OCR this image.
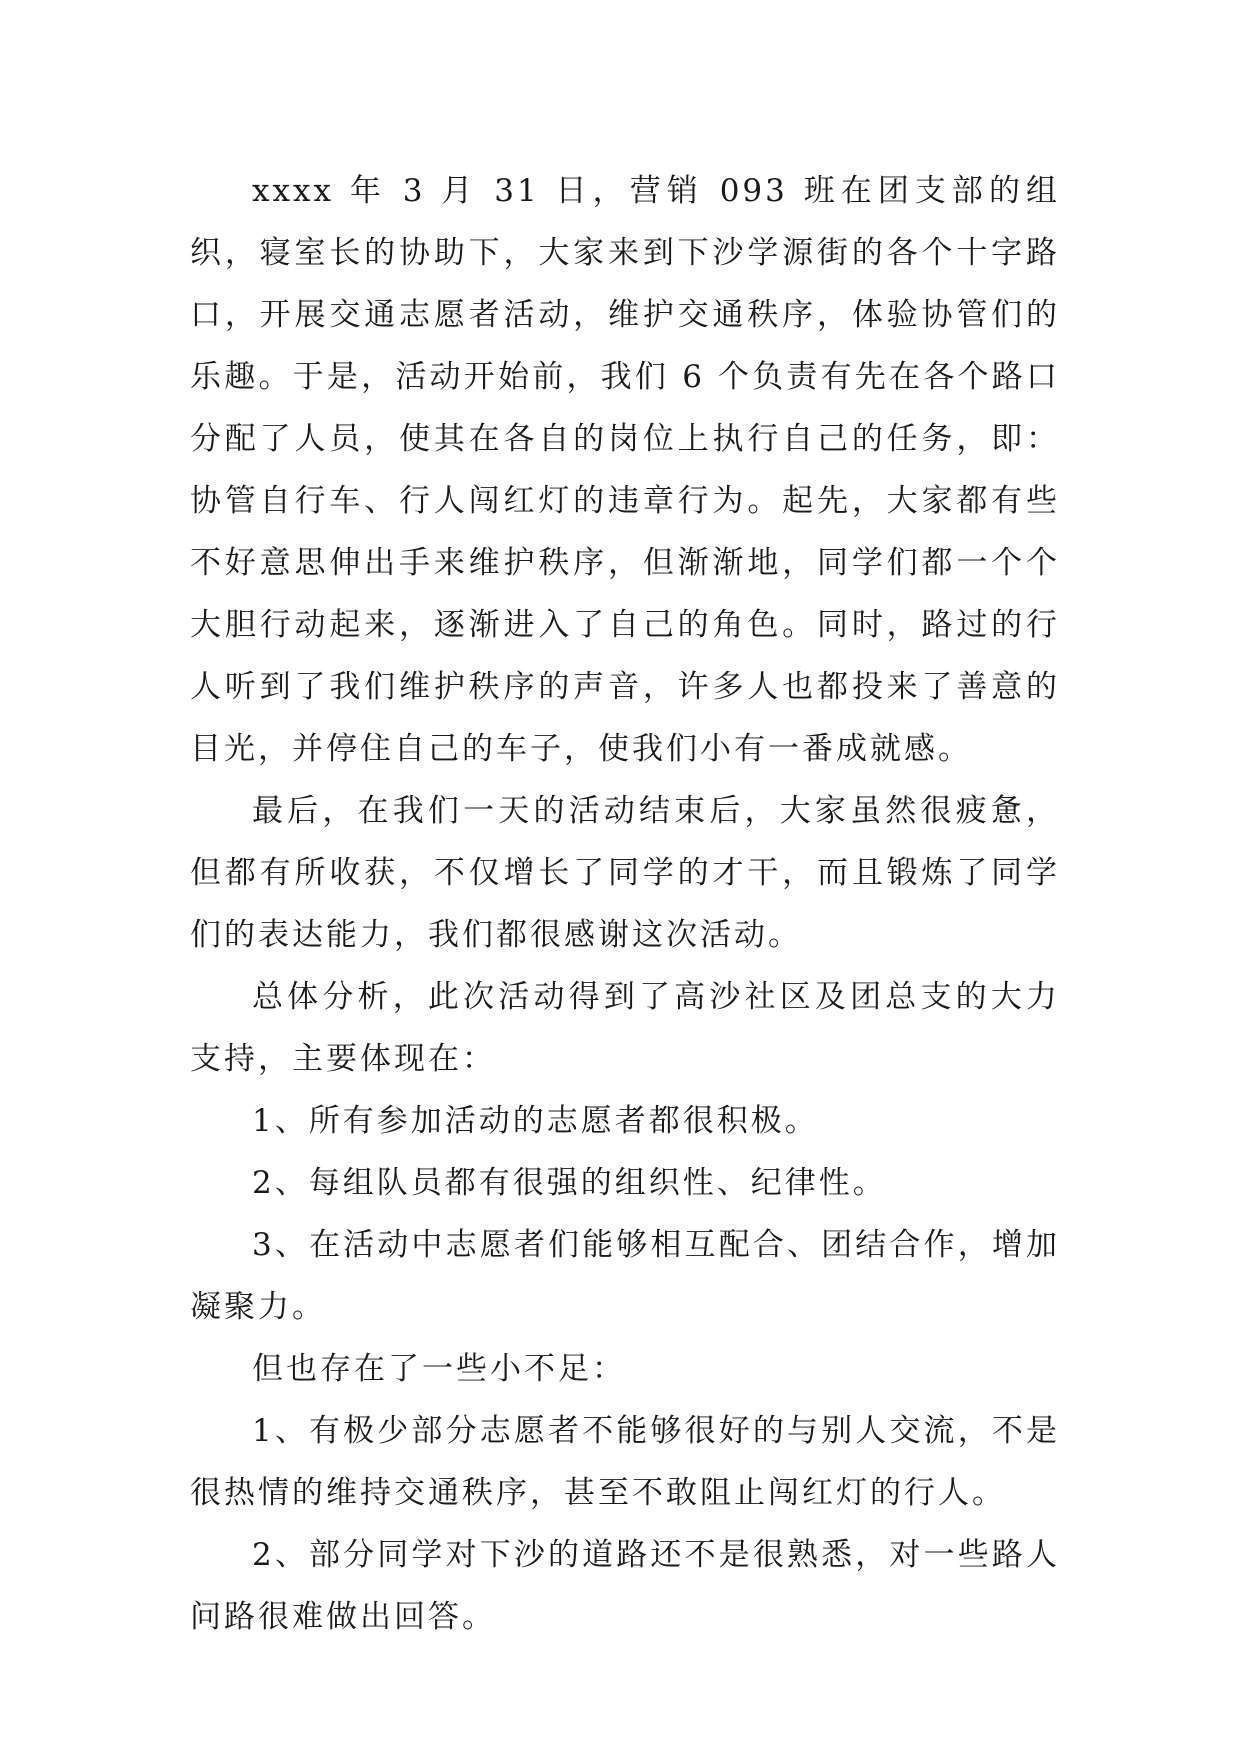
xxxx 年 3 月 31 日，营销 093 班在团支部的组织，寝室长的协助下，大家来到下沙学源街的各个十字路口，开展交通志愿者活动，维护交通秩序，体验协管们的乐趣。于是，活动开始前，我们 6 个负责有先在各个路口分配了人员，使其在各自的岗位上执行自己的任务，即：协管自行车、行人闯红灯的违章行为。起先，大家都有些不好意思伸出手来维护秩序，但渐渐地，同学们都一个个大胆行动起来，逐渐进入了自己的角色。同时，路过的行人听到了我们维护秩序的声音，许多人也都投来了善意的目光，并停住自己的车子，使我们小有一番成就感。

最后，在我们一天的活动结束后，大家虽然很疲惫，但都有所收获，不仅增长了同学的才干，而且锻炼了同学们的表达能力，我们都很感谢这次活动。

总体分析，此次活动得到了高沙社区及团总支的大力支持，主要体现在：

1、所有参加活动的志愿者都很积极。

2、每组队员都有很强的组织性、纪律性。

3、在活动中志愿者们能够相互配合、团结合作，增加凝聚力。

但也存在了一些小不足：

1、有极少部分志愿者不能够很好的与别人交流，不是很热情的维持交通秩序，甚至不敢阻止闯红灯的行人。

2、部分同学对下沙的道路还不是很熟悉，对一些路人问路很难做出回答。
